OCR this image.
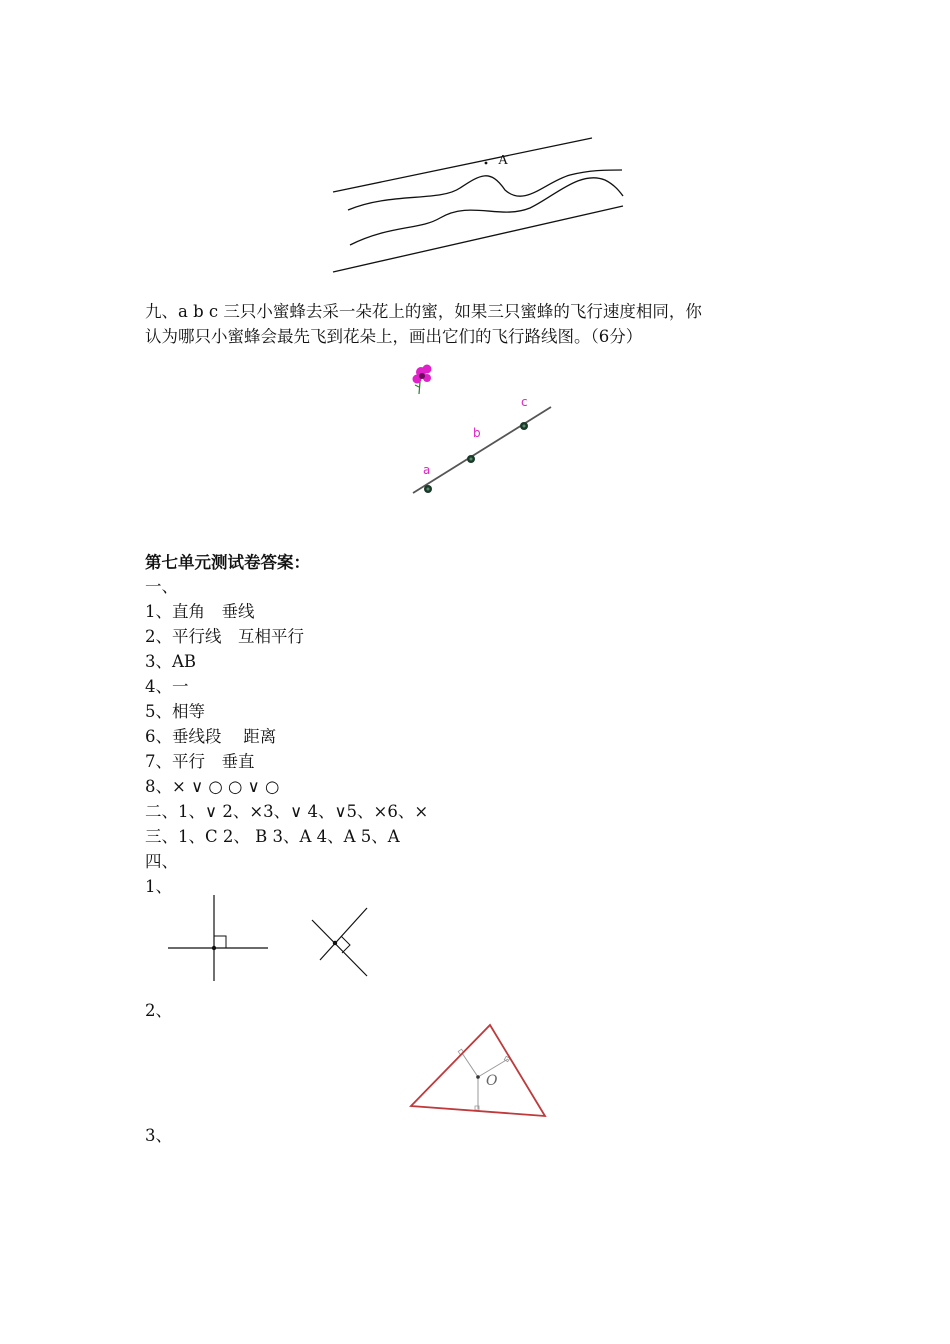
A
九、a b c 三只小蜜蜂去采一朵花上的蜜，如果三只蜜蜂的飞行速度相同，你
认为哪只小蜜蜂会最先飞到花朵上，画出它们的飞行路线图。（6分）
a
b
c
第七单元测试卷答案：
一、
1、直角　垂线
2、平行线　互相平行
3、AB
4、一
5、相等
6、垂线段　 距离
7、平行　垂直
8、× ∨ ○ ○ ∨ ○
二、1、∨ 2、×3、∨ 4、∨5、×6、×
三、1、C 2、 B 3、A 4、A 5、A
四、
1、
2、
O
3、
